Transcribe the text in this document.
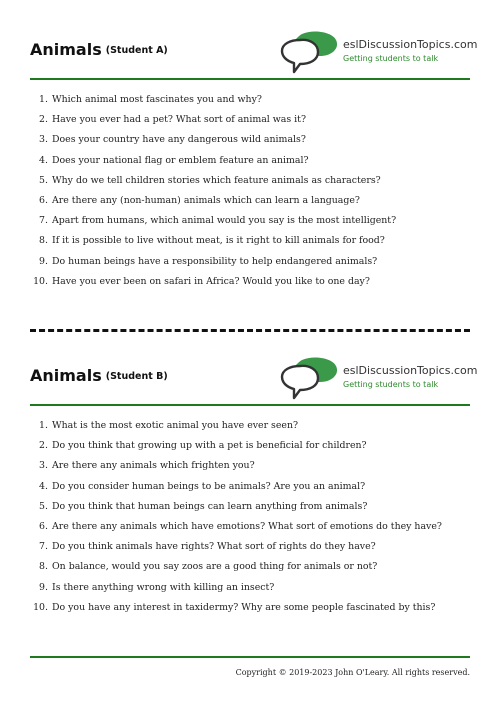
Animals (Student A)	eslDiscussionTopics.com
Getting students to talk
1. Which animal most fascinates you and why?
2. Have you ever had a pet? What sort of animal was it?
3. Does your country have any dangerous wild animals?
4. Does your national flag or emblem feature an animal?
5. Why do we tell children stories which feature animals as characters?
6. Are there any (non-human) animals which can learn a language?
7. Apart from humans, which animal would you say is the most intelligent?
8. If it is possible to live without meat, is it right to kill animals for food?
9. Do human beings have a responsibility to help endangered animals?
10. Have you ever been on safari in Africa? Would you like to one day?
Animals (Student B)	eslDiscussionTopics.com
Getting students to talk
1. What is the most exotic animal you have ever seen?
2. Do you think that growing up with a pet is beneficial for children?
3. Are there any animals which frighten you?
4. Do you consider human beings to be animals? Are you an animal?
5. Do you think that human beings can learn anything from animals?
6. Are there any animals which have emotions? What sort of emotions do they have?
7. Do you think animals have rights? What sort of rights do they have?
8. On balance, would you say zoos are a good thing for animals or not?
9. Is there anything wrong with killing an insect?
10. Do you have any interest in taxidermy? Why are some people fascinated by this?
Copyright © 2019-2023 John O'Leary. All rights reserved.
